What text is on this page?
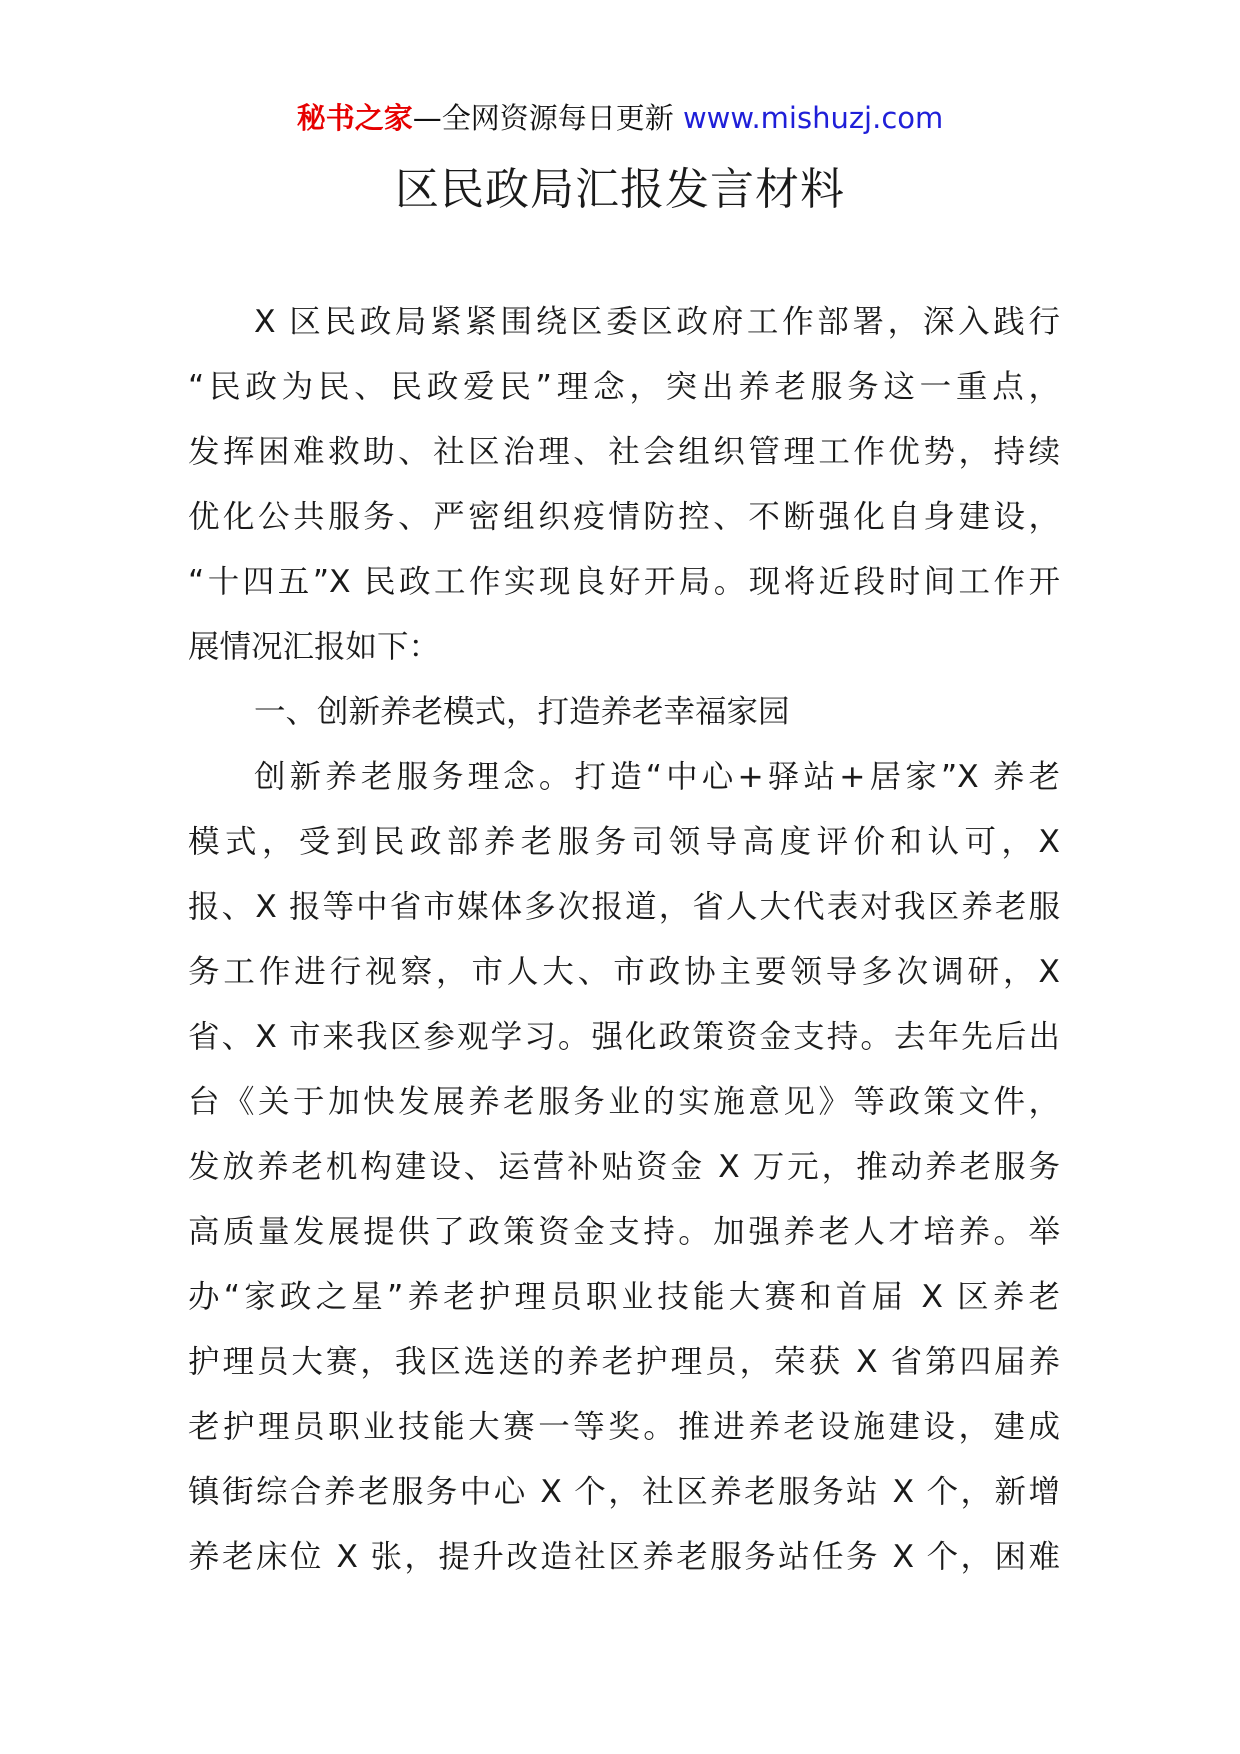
秘书之家—全网资源每日更新 www.mishuzj.com
区民政局汇报发言材料
X 区民政局紧紧围绕区委区政府工作部署，深入践行
“民政为民、民政爱民”理念，突出养老服务这一重点，
发挥困难救助、社区治理、社会组织管理工作优势，持续
优化公共服务、严密组织疫情防控、不断强化自身建设，
“十四五”X 民政工作实现良好开局。现将近段时间工作开
展情况汇报如下：
一、创新养老模式，打造养老幸福家园
创新养老服务理念。打造“中心+驿站+居家”X 养老
模式，受到民政部养老服务司领导高度评价和认可，X
报、X 报等中省市媒体多次报道，省人大代表对我区养老服
务工作进行视察，市人大、市政协主要领导多次调研，X
省、X 市来我区参观学习。强化政策资金支持。去年先后出
台《关于加快发展养老服务业的实施意见》等政策文件，
发放养老机构建设、运营补贴资金 X 万元，推动养老服务
高质量发展提供了政策资金支持。加强养老人才培养。举
办“家政之星”养老护理员职业技能大赛和首届 X 区养老
护理员大赛，我区选送的养老护理员，荣获 X 省第四届养
老护理员职业技能大赛一等奖。推进养老设施建设，建成
镇街综合养老服务中心 X 个，社区养老服务站 X 个，新增
养老床位 X 张，提升改造社区养老服务站任务 X 个，困难
